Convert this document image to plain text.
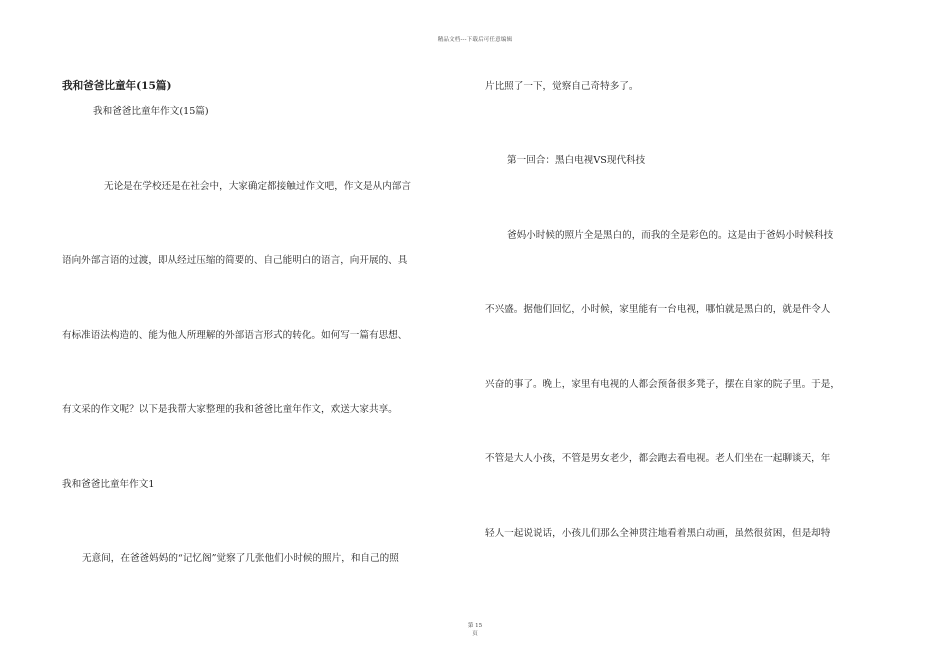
精品文档---下载后可任意编辑
我和爸爸比童年(15篇)
我和爸爸比童年作文(15篇)
无论是在学校还是在社会中，大家确定都接触过作文吧，作文是从内部言
语向外部言语的过渡，即从经过压缩的简要的、自己能明白的语言，向开展的、具
有标准语法构造的、能为他人所理解的外部语言形式的转化。如何写一篇有思想、
有文采的作文呢？以下是我帮大家整理的我和爸爸比童年作文，欢送大家共享。
我和爸爸比童年作文1
无意间，在爸爸妈妈的“记忆阁”觉察了几张他们小时候的照片，和自己的照
片比照了一下，觉察自己奇特多了。
第一回合：黑白电视VS现代科技
爸妈小时候的照片全是黑白的，而我的全是彩色的。这是由于爸妈小时候科技
不兴盛。据他们回忆，小时候，家里能有一台电视，哪怕就是黑白的，就是件令人
兴奋的事了。晚上，家里有电视的人都会预备很多凳子，摆在自家的院子里。于是，
不管是大人小孩，不管是男女老少，都会跑去看电视。老人们坐在一起聊谈天，年
轻人一起说说话，小孩儿们那么全神贯注地看着黑白动画，虽然很贫困，但是却特
第 15
页
